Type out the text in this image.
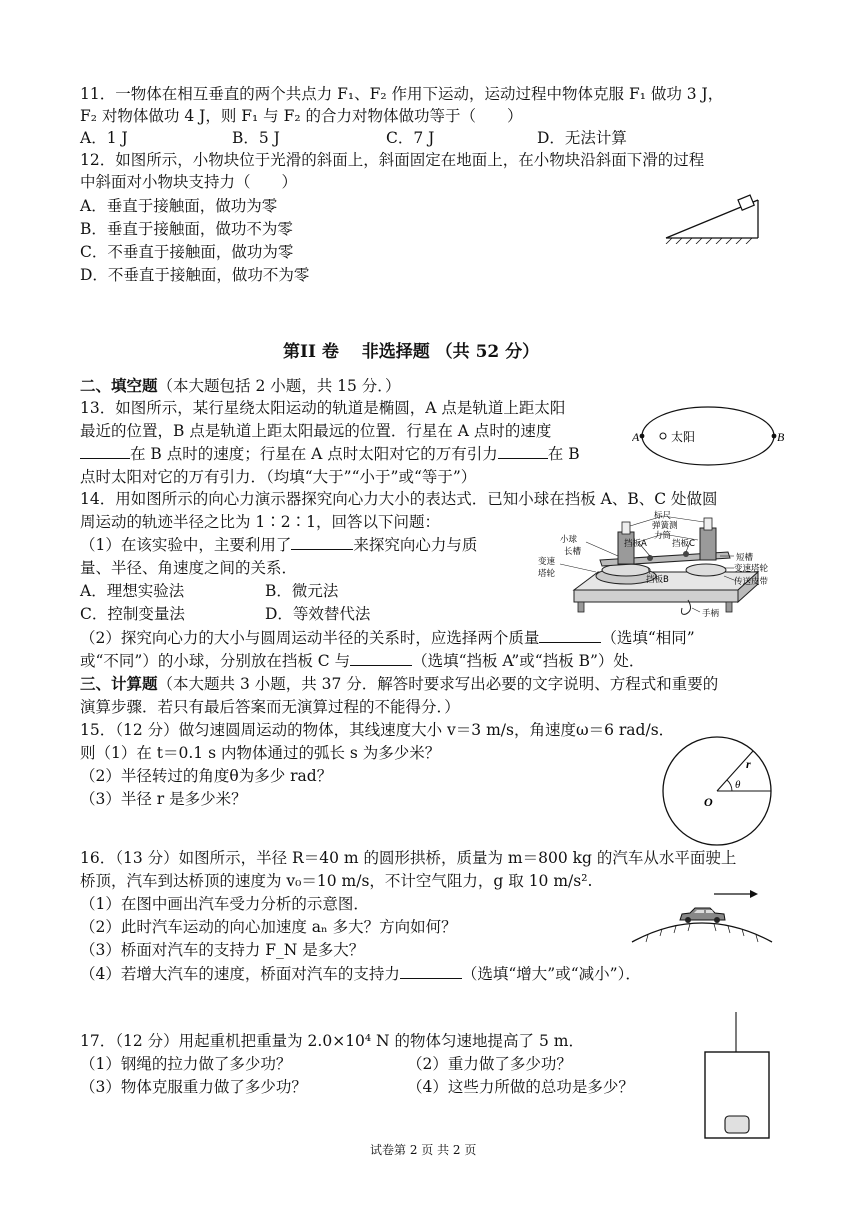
11．一物体在相互垂直的两个共点力 F₁、F₂ 作用下运动，运动过程中物体克服 F₁ 做功 3 J，
F₂ 对物体做功 4 J，则 F₁ 与 F₂ 的合力对物体做功等于（　　）
A．1 J	B．5 J	C．7 J	D．无法计算
12．如图所示，小物块位于光滑的斜面上，斜面固定在地面上，在小物块沿斜面下滑的过程
中斜面对小物块支持力（　　）
A．垂直于接触面，做功为零
B．垂直于接触面，做功不为零
C．不垂直于接触面，做功为零
D．不垂直于接触面，做功不为零
第II 卷　 非选择题 （共 52 分）
二、填空题（本大题包括 2 小题，共 15 分．）
13．如图所示，某行星绕太阳运动的轨道是椭圆，A 点是轨道上距太阳
最近的位置，B 点是轨道上距太阳最远的位置．行星在 A 点时的速度
在 B 点时的速度；行星在 A 点时太阳对它的万有引力	在 B
点时太阳对它的万有引力．（均填“大于”“小于”或“等于”）
A	B
太阳
14．用如图所示的向心力演示器探究向心力大小的表达式．已知小球在挡板 A、B、C 处做圆
周运动的轨迹半径之比为 1∶2∶1，回答以下问题：
（1）在该实验中，主要利用了	来探究向心力与质
量、半径、角速度之间的关系．
A．理想实验法	B．微元法
C．控制变量法	D．等效替代法
（2）探究向心力的大小与圆周运动半径的关系时，应选择两个质量	（选填“相同”
或“不同”）的小球，分别放在挡板 C 与	（选填“挡板 A”或“挡板 B”）处．
标尺
弹簧测
力筒
小球
长槽
挡板A	挡板C
短槽
变速
塔轮	变速塔轮
挡板B	传送皮带
手柄
三、计算题（本大题共 3 小题，共 37 分．解答时要求写出必要的文字说明、方程式和重要的
演算步骤．若只有最后答案而无演算过程的不能得分．）
15．（12 分）做匀速圆周运动的物体，其线速度大小 v＝3 m/s，角速度ω＝6 rad/s．
则（1）在 t＝0.1 s 内物体通过的弧长 s 为多少米？
（2）半径转过的角度θ为多少 rad？
（3）半径 r 是多少米？
r
θ
O
16．（13 分）如图所示，半径 R＝40 m 的圆形拱桥，质量为 m＝800 kg 的汽车从水平面驶上
桥顶，汽车到达桥顶的速度为 v₀＝10 m/s，不计空气阻力，g 取 10 m/s².
（1）在图中画出汽车受力分析的示意图．
（2）此时汽车运动的向心加速度 aₙ 多大？方向如何？
（3）桥面对汽车的支持力 F_N 是多大？
（4）若增大汽车的速度，桥面对汽车的支持力	（选填“增大”或“减小”）．
17．（12 分）用起重机把重量为 2.0×10⁴ N 的物体匀速地提高了 5 m．
（1）钢绳的拉力做了多少功？	（2）重力做了多少功？
（3）物体克服重力做了多少功？	（4）这些力所做的总功是多少？
试卷第 2 页 共 2 页
